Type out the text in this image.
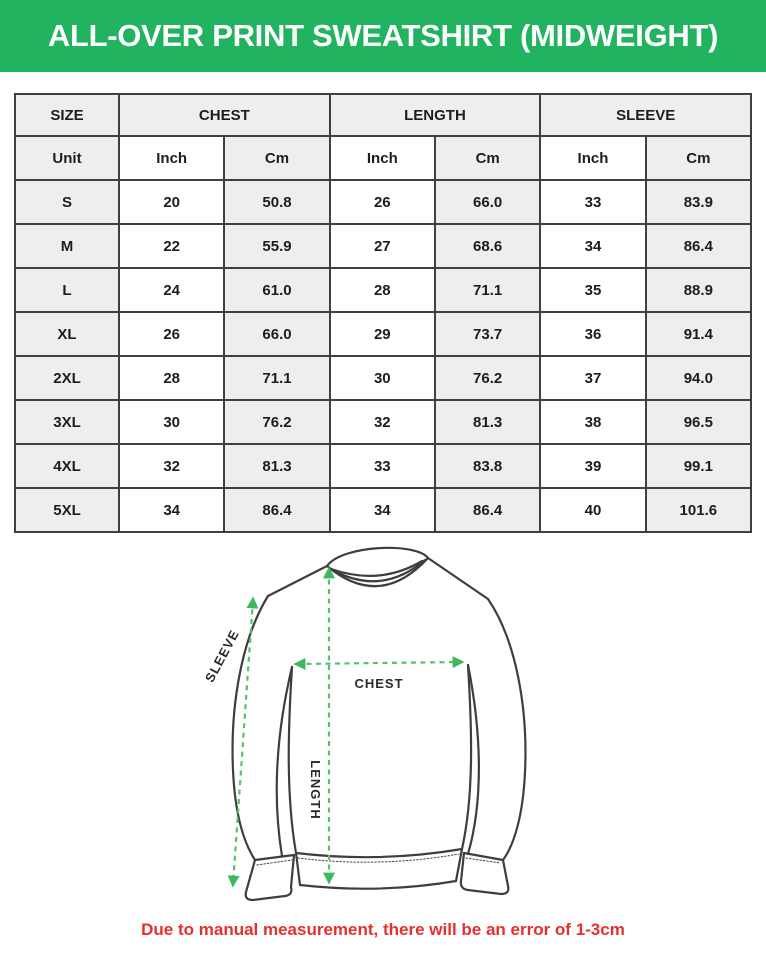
ALL-OVER PRINT SWEATSHIRT (MIDWEIGHT)
SIZE	CHEST		LENGTH		SLEEVE	
Unit	Inch	Cm	Inch	Cm	Inch	Cm
S	20	50.8	26	66.0	33	83.9
M	22	55.9	27	68.6	34	86.4
L	24	61.0	28	71.1	35	88.9
XL	26	66.0	29	73.7	36	91.4
2XL	28	71.1	30	76.2	37	94.0
3XL	30	76.2	32	81.3	38	96.5
4XL	32	81.3	33	83.8	39	99.1
5XL	34	86.4	34	86.4	40	101.6
CHEST
LENGTH
SLEEVE

Due to manual measurement, there will be an error of 1-3cm
